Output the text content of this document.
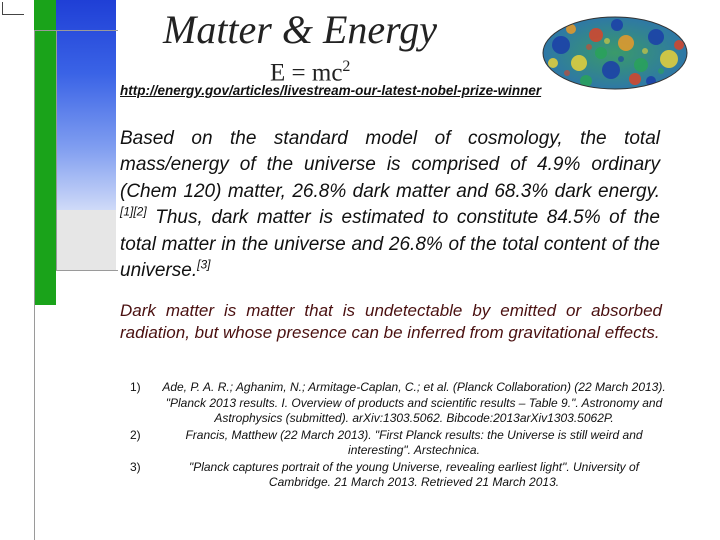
Matter & Energy
$E = mc^2$
http://energy.gov/articles/livestream-our-latest-nobel-prize-winner
Based on the standard model of cosmology, the total mass/energy of the universe is comprised of 4.9% ordinary (Chem 120) matter, 26.8% dark matter and 68.3% dark energy.[1][2] Thus, dark matter is estimated to constitute 84.5% of the total matter in the universe and 26.8% of the total content of the universe.[3]
Dark matter is matter that is undetectable by emitted or absorbed radiation, but whose presence can be inferred from gravitational effects.
1)	Ade, P. A. R.; Aghanim, N.; Armitage-Caplan, C.; et al. (Planck Collaboration) (22 March 2013). "Planck 2013 results. I. Overview of products and scientific results – Table 9.". Astronomy and Astrophysics (submitted). arXiv:1303.5062. Bibcode:2013arXiv1303.5062P.
2)	Francis, Matthew (22 March 2013). "First Planck results: the Universe is still weird and interesting". Arstechnica.
3)	"Planck captures portrait of the young Universe, revealing earliest light". University of Cambridge. 21 March 2013. Retrieved 21 March 2013.
